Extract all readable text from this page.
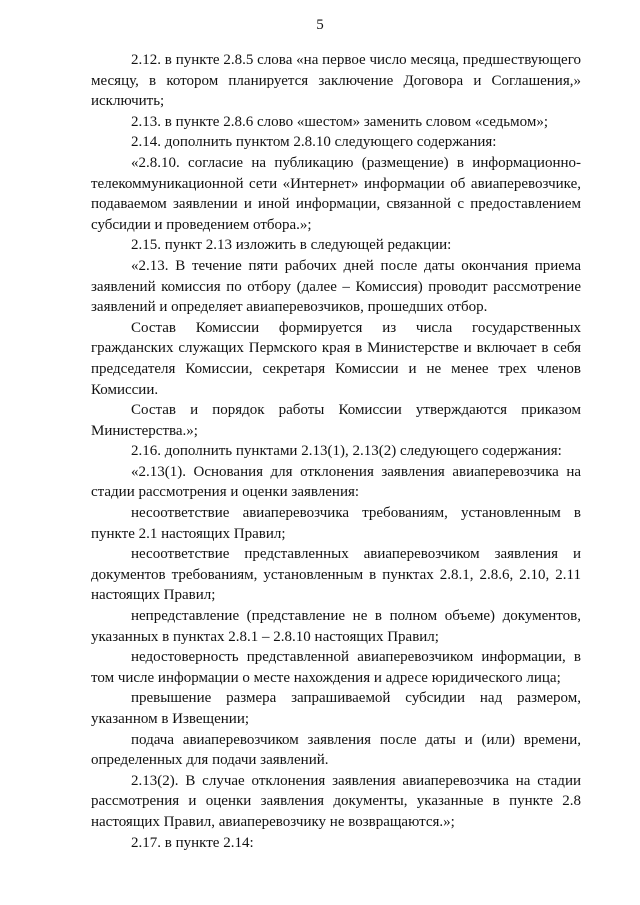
5

2.12. в пункте 2.8.5 слова «на первое число месяца, предшествующего месяцу, в котором планируется заключение Договора и Соглашения,» исключить;

2.13. в пункте 2.8.6 слово «шестом» заменить словом «седьмом»;

2.14. дополнить пунктом 2.8.10 следующего содержания:

«2.8.10. согласие на публикацию (размещение) в информационно-телекоммуникационной сети «Интернет» информации об авиаперевозчике, подаваемом заявлении и иной информации, связанной с предоставлением субсидии и проведением отбора.»;

2.15. пункт 2.13 изложить в следующей редакции:

«2.13. В течение пяти рабочих дней после даты окончания приема заявлений комиссия по отбору (далее – Комиссия) проводит рассмотрение заявлений и определяет авиаперевозчиков, прошедших отбор.

Состав Комиссии формируется из числа государственных гражданских служащих Пермского края в Министерстве и включает в себя председателя Комиссии, секретаря Комиссии и не менее трех членов Комиссии.

Состав и порядок работы Комиссии утверждаются приказом Министерства.»;

2.16. дополнить пунктами 2.13(1), 2.13(2) следующего содержания:

«2.13(1). Основания для отклонения заявления авиаперевозчика на стадии рассмотрения и оценки заявления:

несоответствие авиаперевозчика требованиям, установленным в пункте 2.1 настоящих Правил;

несоответствие представленных авиаперевозчиком заявления и документов требованиям, установленным в пунктах 2.8.1, 2.8.6, 2.10, 2.11 настоящих Правил;

непредставление (представление не в полном объеме) документов, указанных в пунктах 2.8.1 – 2.8.10 настоящих Правил;

недостоверность представленной авиаперевозчиком информации, в том числе информации о месте нахождения и адресе юридического лица;

превышение размера запрашиваемой субсидии над размером, указанном в Извещении;

подача авиаперевозчиком заявления после даты и (или) времени, определенных для подачи заявлений.

2.13(2). В случае отклонения заявления авиаперевозчика на стадии рассмотрения и оценки заявления документы, указанные в пункте 2.8 настоящих Правил, авиаперевозчику не возвращаются.»;

2.17. в пункте 2.14:
